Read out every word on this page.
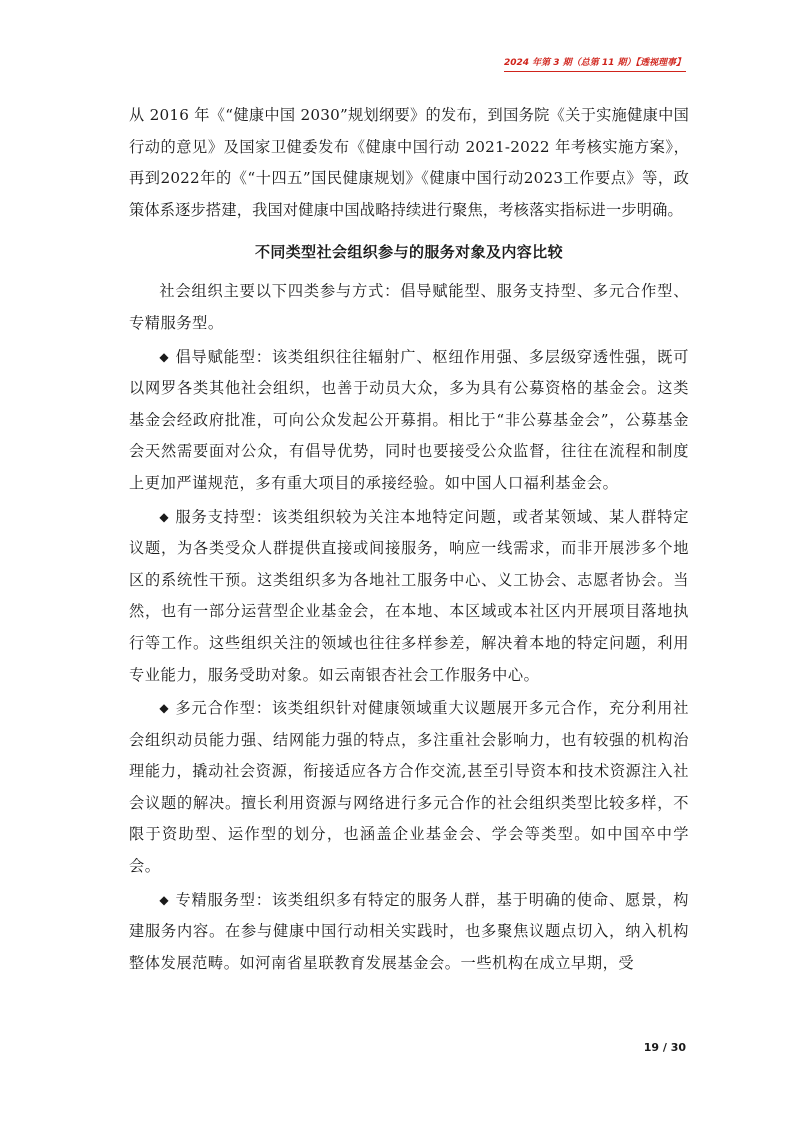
2024 年第 3 期（总第 11 期）【透视理事】

从 2016 年《“健康中国 2030”规划纲要》的发布，到国务院《关于实施健康中国行动的意见》及国家卫健委发布《健康中国行动 2021-2022 年考核实施方案》，再到2022年的《“十四五”国民健康规划》《健康中国行动2023工作要点》等，政策体系逐步搭建，我国对健康中国战略持续进行聚焦，考核落实指标进一步明确。

不同类型社会组织参与的服务对象及内容比较

社会组织主要以下四类参与方式：倡导赋能型、服务支持型、多元合作型、专精服务型。

◆ 倡导赋能型：该类组织往往辐射广、枢纽作用强、多层级穿透性强，既可以网罗各类其他社会组织，也善于动员大众，多为具有公募资格的基金会。这类基金会经政府批准，可向公众发起公开募捐。相比于“非公募基金会”，公募基金会天然需要面对公众，有倡导优势，同时也要接受公众监督，往往在流程和制度上更加严谨规范，多有重大项目的承接经验。如中国人口福利基金会。

◆ 服务支持型：该类组织较为关注本地特定问题，或者某领域、某人群特定议题，为各类受众人群提供直接或间接服务，响应一线需求，而非开展涉多个地区的系统性干预。这类组织多为各地社工服务中心、义工协会、志愿者协会。当然，也有一部分运营型企业基金会，在本地、本区域或本社区内开展项目落地执行等工作。这些组织关注的领域也往往多样参差，解决着本地的特定问题，利用专业能力，服务受助对象。如云南银杏社会工作服务中心。

◆ 多元合作型：该类组织针对健康领域重大议题展开多元合作，充分利用社会组织动员能力强、结网能力强的特点，多注重社会影响力，也有较强的机构治理能力，撬动社会资源，衔接适应各方合作交流,甚至引导资本和技术资源注入社会议题的解决。擅长利用资源与网络进行多元合作的社会组织类型比较多样，不限于资助型、运作型的划分，也涵盖企业基金会、学会等类型。如中国卒中学会。

◆ 专精服务型：该类组织多有特定的服务人群，基于明确的使命、愿景，构建服务内容。在参与健康中国行动相关实践时，也多聚焦议题点切入，纳入机构整体发展范畴。如河南省星联教育发展基金会。一些机构在成立早期，受

19 / 30
